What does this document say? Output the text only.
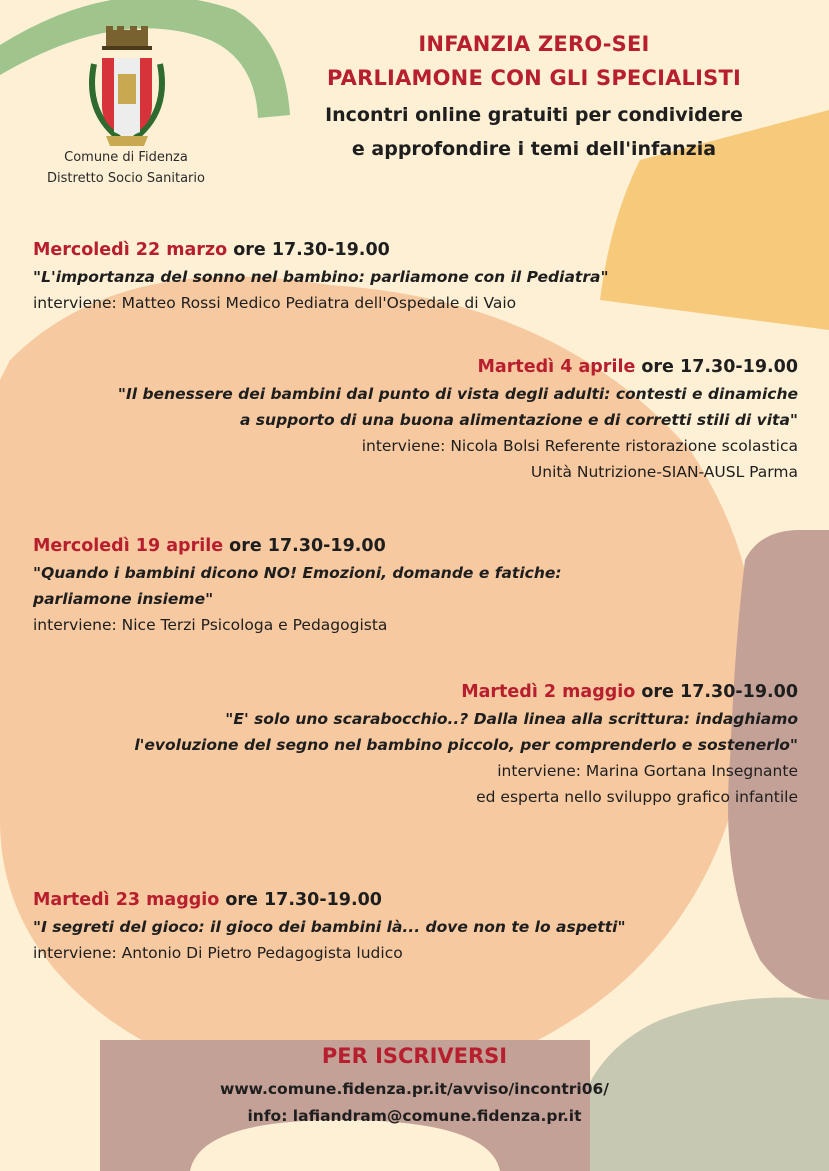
Comune di Fidenza
Distretto Socio Sanitario
INFANZIA ZERO-SEI
PARLIAMONE CON GLI SPECIALISTI
Incontri online gratuiti per condividere
e approfondire i temi dell'infanzia
Mercoledì 22 marzo ore 17.30-19.00
"L'importanza del sonno nel bambino: parliamone con il Pediatra"
interviene: Matteo Rossi Medico Pediatra dell'Ospedale di Vaio
Martedì 4 aprile ore 17.30-19.00
"Il benessere dei bambini dal punto di vista degli adulti: contesti e dinamiche
a supporto di una buona alimentazione e di corretti stili di vita"
interviene: Nicola Bolsi Referente ristorazione scolastica
Unità Nutrizione-SIAN-AUSL Parma
Mercoledì 19 aprile ore 17.30-19.00
"Quando i bambini dicono NO! Emozioni, domande e fatiche:
parliamone insieme"
interviene: Nice Terzi Psicologa e Pedagogista
Martedì 2 maggio ore 17.30-19.00
"E' solo uno scarabocchio..? Dalla linea alla scrittura: indaghiamo
l'evoluzione del segno nel bambino piccolo, per comprenderlo e sostenerlo"
interviene: Marina Gortana Insegnante
ed esperta nello sviluppo grafico infantile
Martedì 23 maggio ore 17.30-19.00
"I segreti del gioco: il gioco dei bambini là... dove non te lo aspetti"
interviene: Antonio Di Pietro Pedagogista ludico
PER ISCRIVERSI
www.comune.fidenza.pr.it/avviso/incontri06/
info: lafiandram@comune.fidenza.pr.it
